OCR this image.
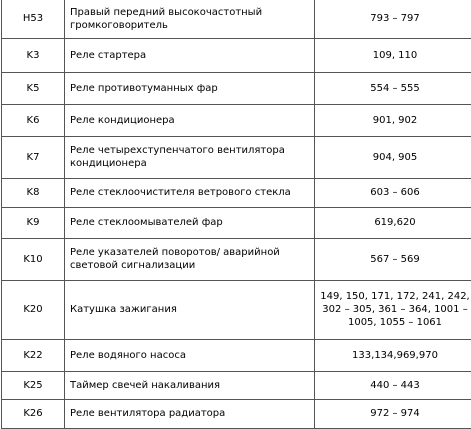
H53	Правый передний высокочастотный громкоговоритель	793 – 797
K3	Реле стартера	109, 110
K5	Реле противотуманных фар	554 – 555
K6	Реле кондиционера	901, 902
K7	Реле четырехступенчатого вентилятора кондиционера	904, 905
K8	Реле стеклоочистителя ветрового стекла	603 – 606
K9	Реле стеклоомывателей фар	619,620
K10	Реле указателей поворотов/ аварийной световой сигнализации	567 – 569
K20	Катушка зажигания	149, 150, 171, 172, 241, 242, 302 – 305, 361 – 364, 1001 – 1005, 1055 – 1061
K22	Реле водяного насоса	133,134,969,970
K25	Таймер свечей накаливания	440 – 443
K26	Реле вентилятора радиатора	972 – 974
